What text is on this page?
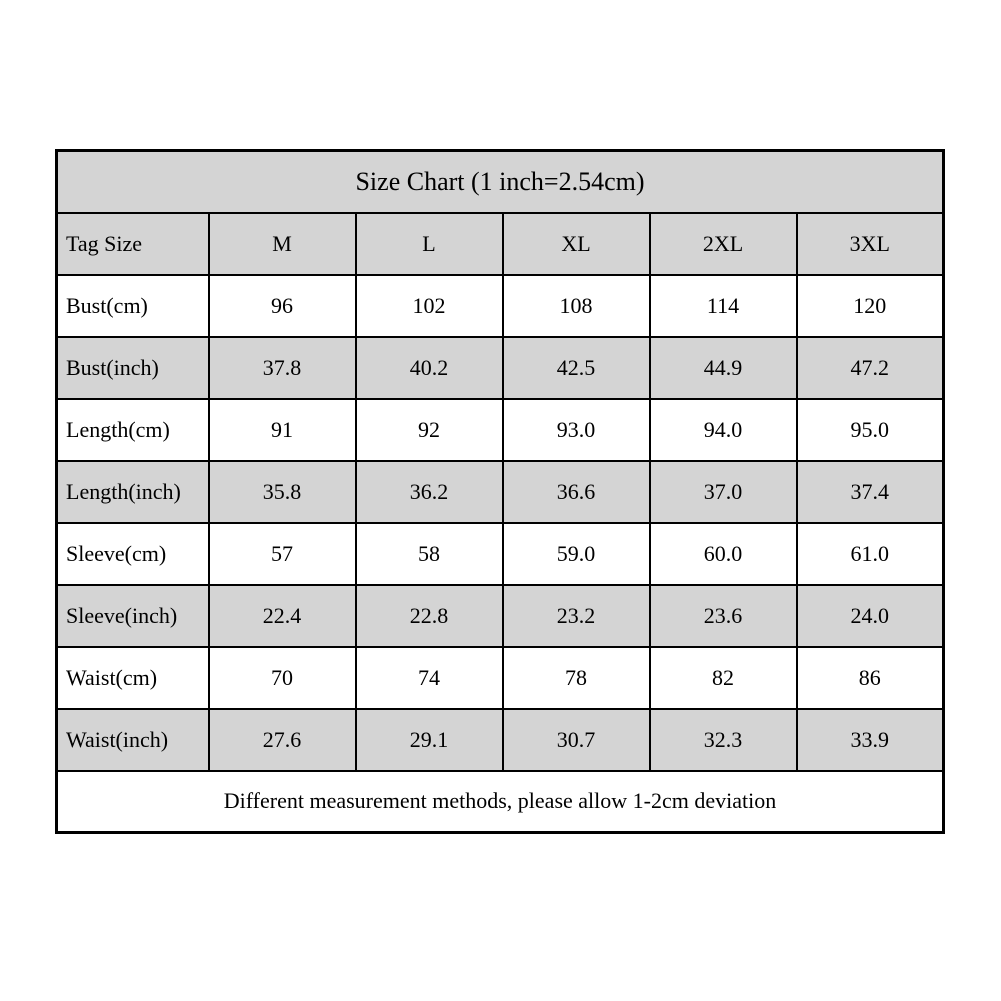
Size Chart (1 inch=2.54cm)					
Tag Size	M	L	XL	2XL	3XL
Bust(cm)	96	102	108	114	120
Bust(inch)	37.8	40.2	42.5	44.9	47.2
Length(cm)	91	92	93.0	94.0	95.0
Length(inch)	35.8	36.2	36.6	37.0	37.4
Sleeve(cm)	57	58	59.0	60.0	61.0
Sleeve(inch)	22.4	22.8	23.2	23.6	24.0
Waist(cm)	70	74	78	82	86
Waist(inch)	27.6	29.1	30.7	32.3	33.9
Different measurement methods, please allow 1-2cm deviation					
